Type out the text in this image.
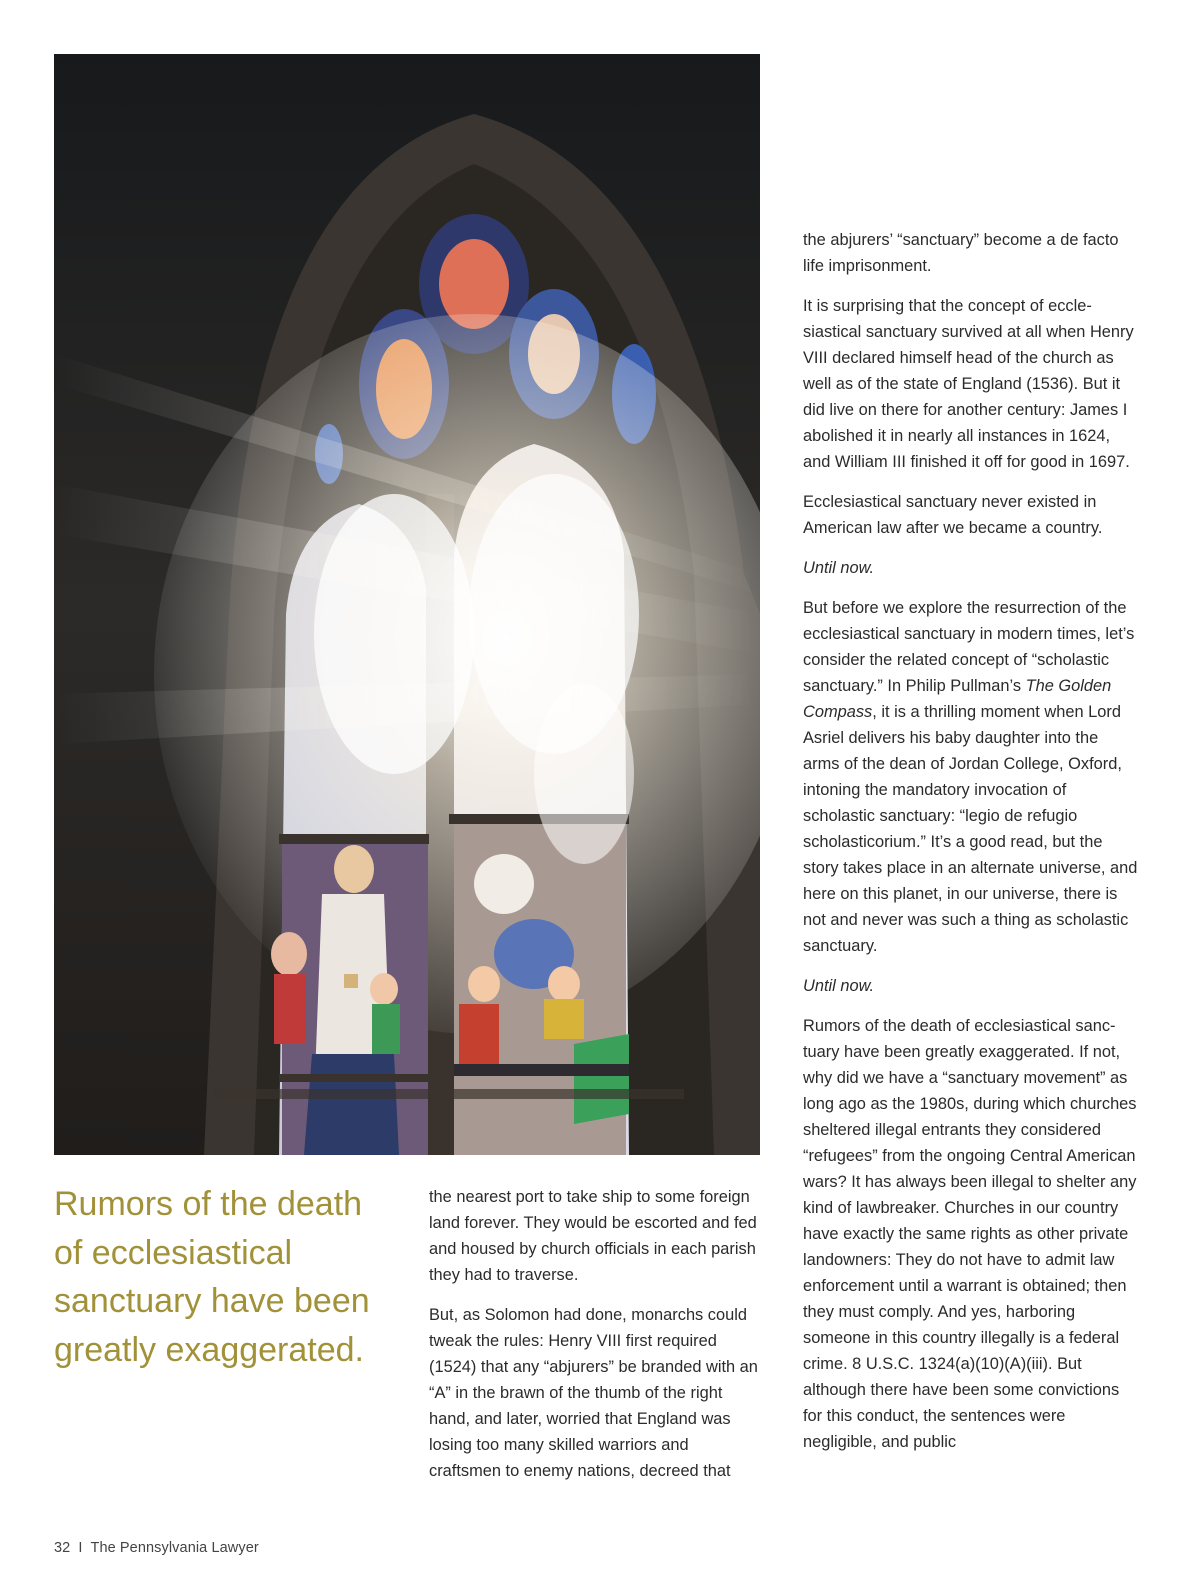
Rumors of the death of ecclesiastical sanctuary have been greatly exaggerated.

the nearest port to take ship to some foreign land forever. They would be escorted and fed and housed by church officials in each parish they had to traverse.

But, as Solomon had done, monarchs could tweak the rules: Henry VIII first required (1524) that any “abjurers” be branded with an “A” in the brawn of the thumb of the right hand, and later, worried that England was losing too many skilled warriors and craftsmen to enemy nations, decreed that

the abjurers’ “sanctuary” become a de facto life imprisonment.

It is surprising that the concept of ecclesiastical sanctuary survived at all when Henry VIII declared himself head of the church as well as of the state of England (1536). But it did live on there for another century: James I abolished it in nearly all instances in 1624, and William III finished it off for good in 1697.

Ecclesiastical sanctuary never existed in American law after we became a country.

Until now.

But before we explore the resurrection of the ecclesiastical sanctuary in modern times, let’s consider the related concept of “scholastic sanctuary.” In Philip Pullman’s The Golden Compass, it is a thrilling moment when Lord Asriel delivers his baby daughter into the arms of the dean of Jordan College, Oxford, intoning the mandatory invocation of scholastic sanctuary: “legio de refugio scholasticorium.” It’s a good read, but the story takes place in an alternate universe, and here on this planet, in our universe, there is not and never was such a thing as scholastic sanctuary.

Until now.

Rumors of the death of ecclesiastical sanctuary have been greatly exaggerated. If not, why did we have a “sanctuary movement” as long ago as the 1980s, during which churches sheltered illegal entrants they considered “refugees” from the ongoing Central American wars? It has always been illegal to shelter any kind of lawbreaker. Churches in our country have exactly the same rights as other private landowners: They do not have to admit law enforcement until a warrant is obtained; then they must comply. And yes, harboring someone in this country illegally is a federal crime. 8 U.S.C. 1324(a)(10)(A)(iii). But although there have been some convictions for this conduct, the sentences were negligible, and public

32 I The Pennsylvania Lawyer
